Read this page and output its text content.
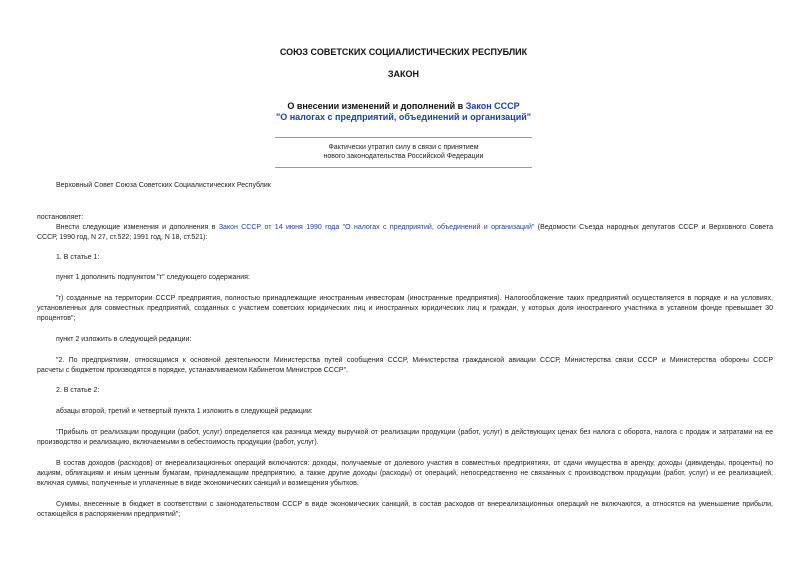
СОЮЗ СОВЕТСКИХ СОЦИАЛИСТИЧЕСКИХ РЕСПУБЛИК
ЗАКОН
О внесении изменений и дополнений в Закон СССР
"О налогах с предприятий, объединений и организаций"
Фактически утратил силу в связи с принятием
нового законодательства Российской Федерации
Верховный Совет Союза Советских Социалистических Республик
постановляет:
Внести следующие изменения и дополнения в Закон СССР от 14 июня 1990 года "О налогах с предприятий, объединений и организаций" (Ведомости Съезда народных депутатов СССР и Верховного Совета
СССР, 1990 год, N 27, ст.522; 1991 год, N 18, ст.521):
1. В статье 1:
пункт 1 дополнить подпунктом "г" следующего содержания:
"г) созданные на территории СССР предприятия, полностью принадлежащие иностранным инвесторам (иностранные предприятия). Налогообложение таких предприятий осуществляется в порядке и на условиях,
установленных для совместных предприятий, созданных с участием советских юридических лиц и иностранных юридических лиц и граждан, у которых доля иностранного участника в уставном фонде превышает 30
процентов";
пункт 2 изложить в следующей редакции:
"2. По предприятиям, относящимся к основной деятельности Министерства путей сообщения СССР, Министерства гражданской авиации СССР, Министерства связи СССР и Министерства обороны СССР
расчеты с бюджетом производятся в порядке, устанавливаемом Кабинетом Министров СССР".
2. В статье 2:
абзацы второй, третий и четвертый пункта 1 изложить в следующей редакции:
"Прибыль от реализации продукции (работ, услуг) определяется как разница между выручкой от реализации продукции (работ, услуг) в действующих ценах без налога с оборота, налога с продаж и затратами на ее
производство и реализацию, включаемыми в себестоимость продукции (работ, услуг).
В состав доходов (расходов) от внереализационных операций включаются: доходы, получаемые от долевого участия в совместных предприятиях, от сдачи имущества в аренду, доходы (дивиденды, проценты) по
акциям, облигациям и иным ценным бумагам, принадлежащим предприятию, а также другие доходы (расходы) от операций, непосредственно не связанных с производством продукции (работ, услуг) и ее реализацией,
включая суммы, полученные и уплаченные в виде экономических санкций и возмещения убытков.
Суммы, внесенные в бюджет в соответствии с законодательством СССР в виде экономических санкций, в состав расходов от внереализационных операций не включаются, а относятся на уменьшение прибыли,
остающейся в распоряжении предприятий";
